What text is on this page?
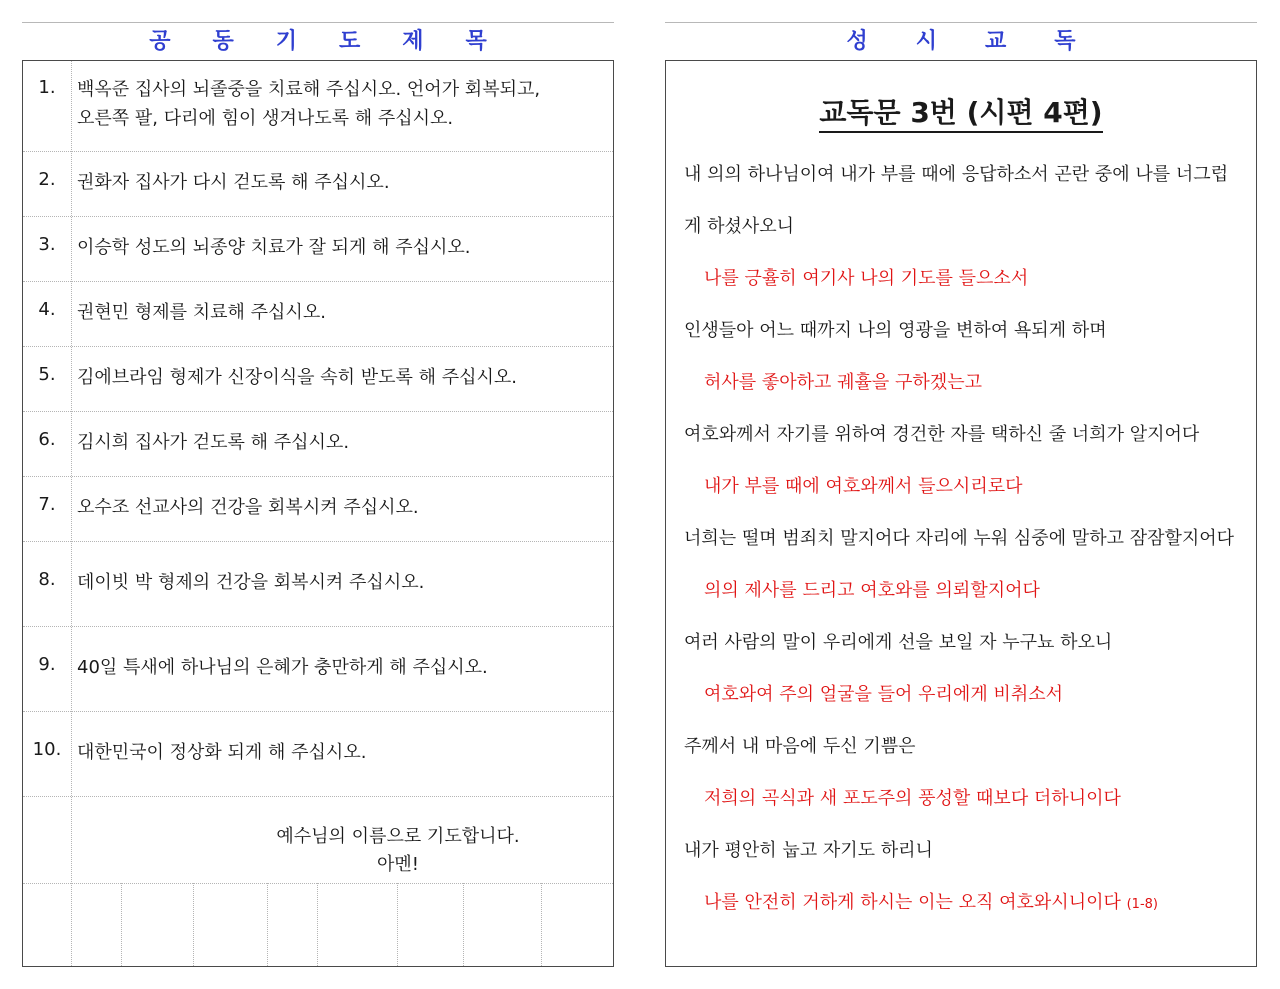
공 동 기 도 제 목
1.	백옥준 집사의 뇌졸중을 치료해 주십시오. 언어가 회복되고,
오른쪽 팔, 다리에 힘이 생겨나도록 해 주십시오.
2.	권화자 집사가 다시 걷도록 해 주십시오.
3.	이승학 성도의 뇌종양 치료가 잘 되게 해 주십시오.
4.	권현민 형제를 치료해 주십시오.
5.	김에브라임 형제가 신장이식을 속히 받도록 해 주십시오.
6.	김시희 집사가 걷도록 해 주십시오.
7.	오수조 선교사의 건강을 회복시켜 주십시오.
8.	데이빗 박 형제의 건강을 회복시켜 주십시오.
9.	40일 특새에 하나님의 은혜가 충만하게 해 주십시오.
10. 대한민국이 정상화 되게 해 주십시오.
예수님의 이름으로 기도합니다.
아멘!
성 시 교 독
교독문 3번 (시편 4편)
내 의의 하나님이여 내가 부를 때에 응답하소서 곤란 중에 나를 너그럽
게 하셨사오니
나를 긍휼히 여기사 나의 기도를 들으소서
인생들아 어느 때까지 나의 영광을 변하여 욕되게 하며
허사를 좋아하고 궤휼을 구하겠는고
여호와께서 자기를 위하여 경건한 자를 택하신 줄 너희가 알지어다
내가 부를 때에 여호와께서 들으시리로다
너희는 떨며 범죄치 말지어다 자리에 누워 심중에 말하고 잠잠할지어다
의의 제사를 드리고 여호와를 의뢰할지어다
여러 사람의 말이 우리에게 선을 보일 자 누구뇨 하오니
여호와여 주의 얼굴을 들어 우리에게 비취소서
주께서 내 마음에 두신 기쁨은
저희의 곡식과 새 포도주의 풍성할 때보다 더하니이다
내가 평안히 눕고 자기도 하리니
나를 안전히 거하게 하시는 이는 오직 여호와시니이다 (1-8)
